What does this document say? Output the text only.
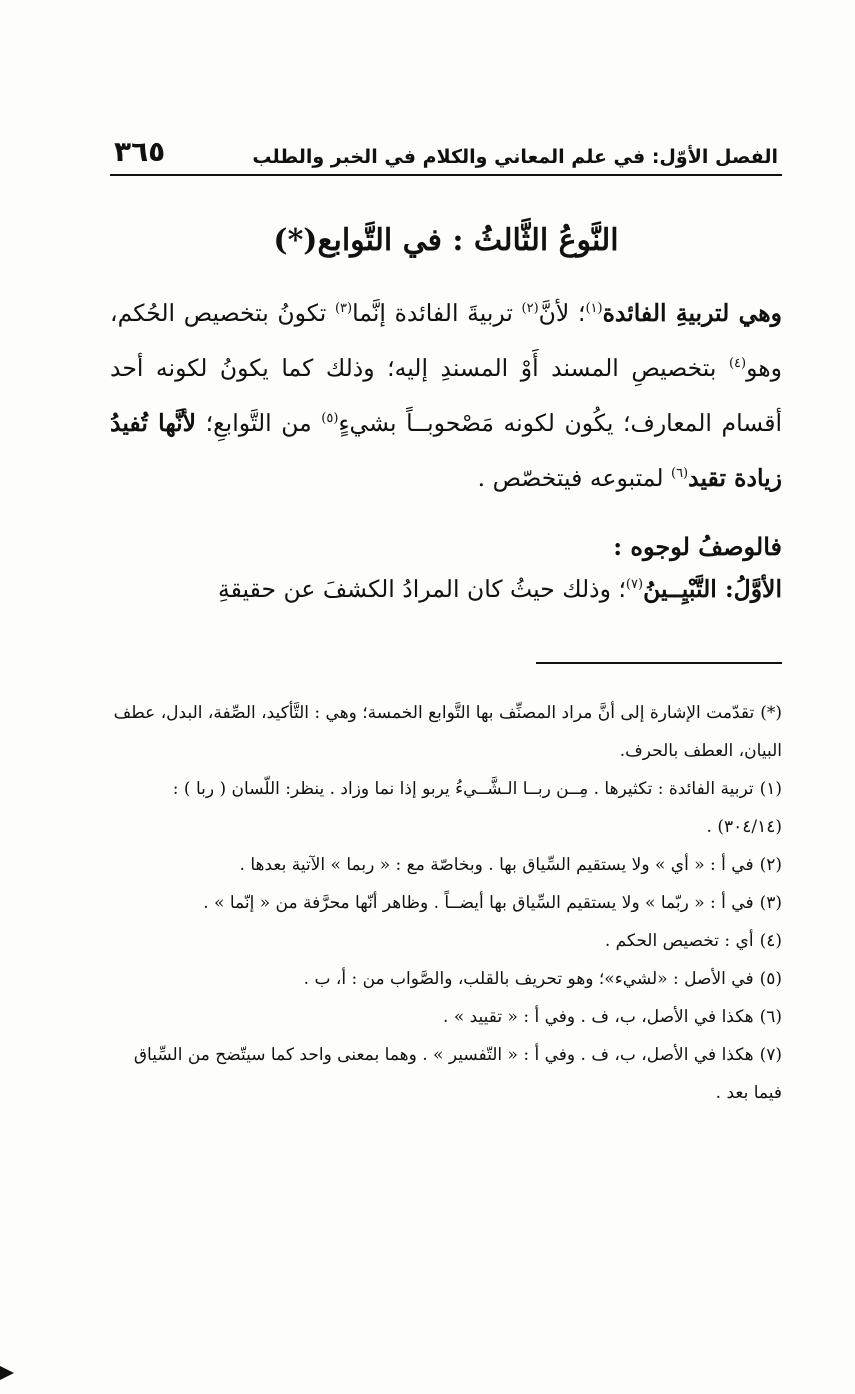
الفصل الأوّل: في علم المعاني والكلام في الخبر والطلب
٣٦٥
النَّوعُ الثَّالثُ : في التَّوابع(*)
وهي لتربيةِ الفائدة$^{(١)}$؛ لأنَّ$^{(٢)}$ تربيةَ الفائدة إنَّما$^{(٣)}$ تكونُ بتخصيص الحُكم، وهو$^{(٤)}$ بتخصيصِ المسند أَوْ المسندِ إليه؛ وذلك كما يكونُ لكونه أحد أقسام المعارف؛ يكُون لكونه مَصْحوبــاً بشيءٍ$^{(٥)}$ من التَّوابعِ؛ لأنَّها تُفيدُ زيادة تقيد$^{(٦)}$ لمتبوعه فيتخصّص .
فالوصفُ لوجوه :
الأوَّلُ: التَّبْيِــينُ$^{(٧)}$؛ وذلك حيثُ كان المرادُ الكشفَ عن حقيقةِ

(*)تقدّمت الإشارة إلى أنَّ مراد المصنِّف بها التَّوابع الخمسة؛ وهي : التَّأكيد، الصِّفة، البدل، عطف البيان، العطف بالحرف.

(١)تربية الفائدة : تكثيرها . مِــن ربــا الـشَّــيءُ يربو إذا نما وزاد . ينظر: اللّسان ( ربا ) : (٣٠٤/١٤) .

(٢)في أ : « أي » ولا يستقيم السِّياق بها . وبخاصّة مع : « ربما » الآتية بعدها .

(٣)في أ : « ربّما » ولا يستقيم السِّياق بها أيضــاً . وظاهر أنّها محرَّفة من « إنّما » .

(٤)أي : تخصيص الحكم .

(٥)في الأصل : «لشيء»؛ وهو تحريف بالقلب، والصَّواب من : أ، ب .

(٦)هكذا في الأصل، ب، ف . وفي أ : « تقييد » .

(٧)هكذا في الأصل، ب، ف . وفي أ : « التّفسير » . وهما بمعنى واحد كما سيتّضح من السِّياق فيما بعد .
